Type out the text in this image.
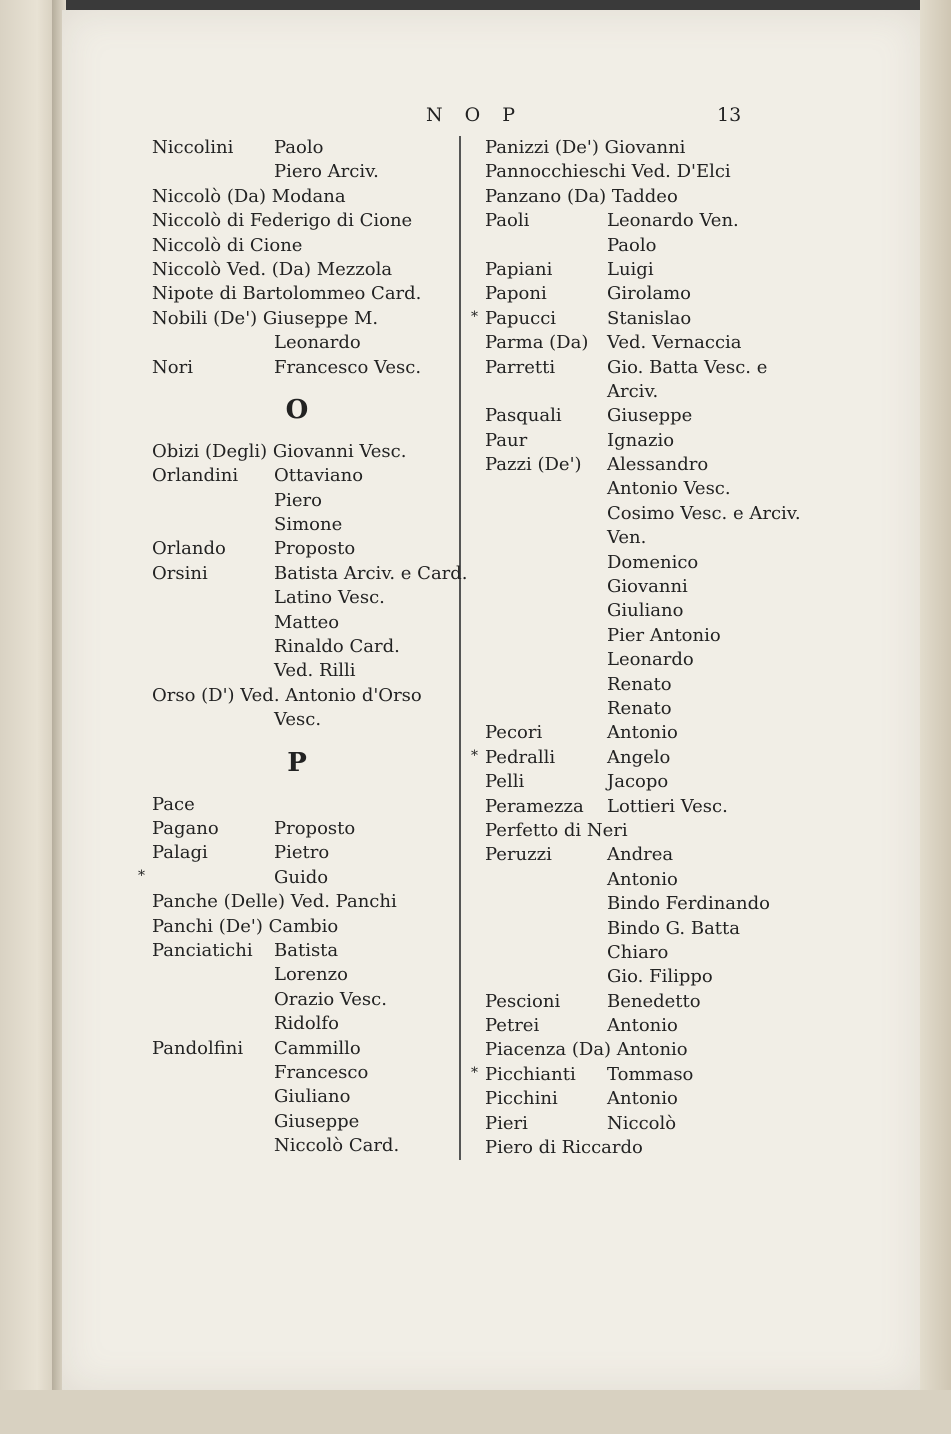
N O P	13
Niccolini Paolo
Piero Arciv.
Niccolò (Da) Modana
Niccolò di Federigo di Cione
Niccolò di Cione
Niccolò Ved. (Da) Mezzola
Nipote di Bartolommeo Card.
Nobili (De') Giuseppe M.
Leonardo
Nori	Francesco Vesc.
O
Obizi (Degli) Giovanni Vesc.
Orlandini Ottaviano
Piero
Simone
Orlando	Proposto
Orsini	Batista Arciv. e Card.
Latino Vesc.
Matteo
Rinaldo Card.
Ved. Rilli
Orso (D') Ved. Antonio d'Orso
Vesc.
P
Pace
Pagano	Proposto
Palagi	Pietro
*	Guido
Panche (Delle) Ved. Panchi
Panchi (De') Cambio
Panciatichi Batista
Lorenzo
Orazio Vesc.
Ridolfo
Pandolfini Cammillo
Francesco
Giuliano
Giuseppe
Niccolò Card.
Panizzi (De') Giovanni
Pannocchieschi Ved. D'Elci
Panzano (Da) Taddeo
Paoli	Leonardo Ven.
Paolo
Papiani	Luigi
Paponi	Girolamo
* Papucci	Stanislao
Parma (Da) Ved. Vernaccia
Parretti	Gio. Batta Vesc. e
Arciv.
Pasquali	Giuseppe
Paur	Ignazio
Pazzi (De') Alessandro
Antonio Vesc.
Cosimo Vesc. e Arciv.
Ven.
Domenico
Giovanni
Giuliano
Pier Antonio
Leonardo
Renato
Renato
Pecori	Antonio
* Pedralli	Angelo
Pelli	Jacopo
Peramezza Lottieri Vesc.
Perfetto di Neri
Peruzzi	Andrea
Antonio
Bindo Ferdinando
Bindo G. Batta
Chiaro
Gio. Filippo
Pescioni	Benedetto
Petrei	Antonio
Piacenza (Da) Antonio
* Picchianti Tommaso
Picchini	Antonio
Pieri	Niccolò
Piero di Riccardo
